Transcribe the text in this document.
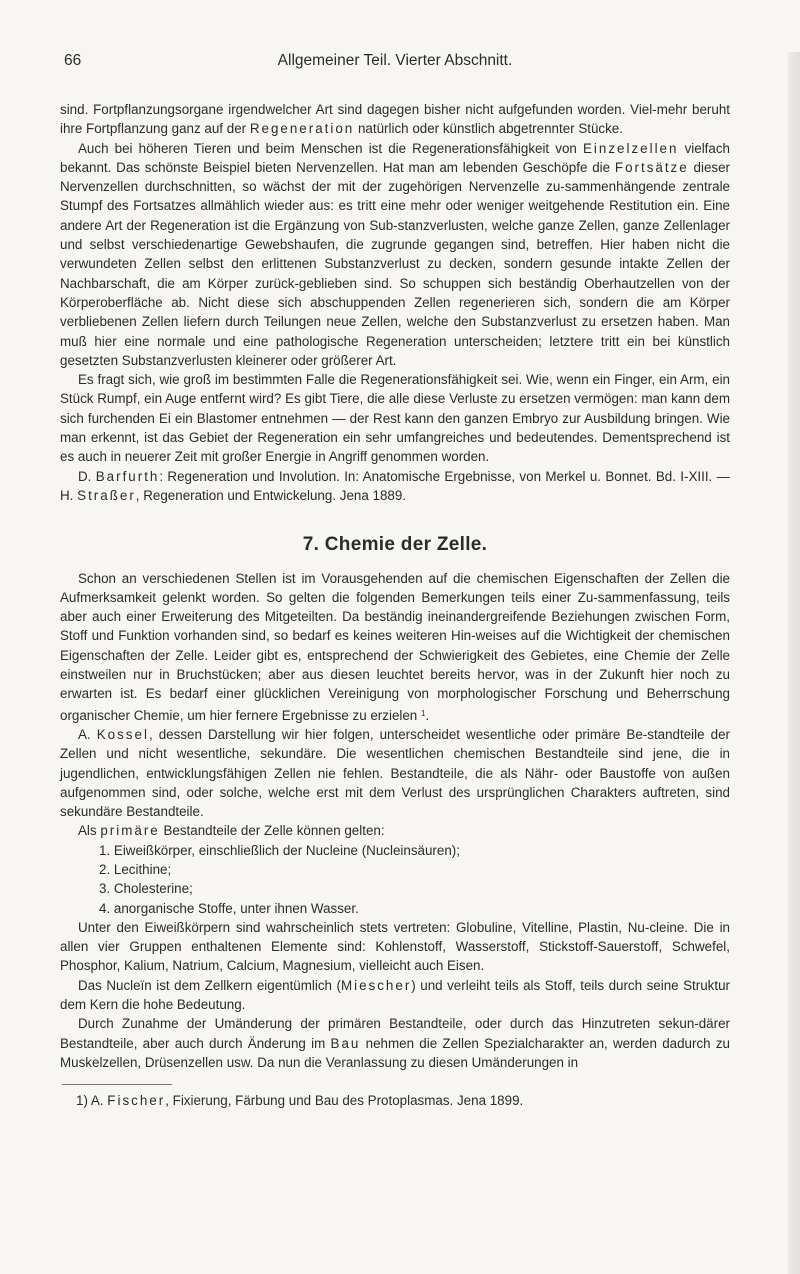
66	Allgemeiner Teil. Vierter Abschnitt.

sind. Fortpflanzungsorgane irgendwelcher Art sind dagegen bisher nicht aufgefunden worden. Viel-mehr beruht ihre Fortpflanzung ganz auf der Regeneration natürlich oder künstlich abgetrennter Stücke.

Auch bei höheren Tieren und beim Menschen ist die Regenerationsfähigkeit von Einzelzellen vielfach bekannt. Das schönste Beispiel bieten Nervenzellen. Hat man am lebenden Geschöpfe die Fortsätze dieser Nervenzellen durchschnitten, so wächst der mit der zugehörigen Nervenzelle zu-sammenhängende zentrale Stumpf des Fortsatzes allmählich wieder aus: es tritt eine mehr oder weniger weitgehende Restitution ein. Eine andere Art der Regeneration ist die Ergänzung von Sub-stanzverlusten, welche ganze Zellen, ganze Zellenlager und selbst verschiedenartige Gewebshaufen, die zugrunde gegangen sind, betreffen. Hier haben nicht die verwundeten Zellen selbst den erlittenen Substanzverlust zu decken, sondern gesunde intakte Zellen der Nachbarschaft, die am Körper zurück-geblieben sind. So schuppen sich beständig Oberhautzellen von der Körperoberfläche ab. Nicht diese sich abschuppenden Zellen regenerieren sich, sondern die am Körper verbliebenen Zellen liefern durch Teilungen neue Zellen, welche den Substanzverlust zu ersetzen haben. Man muß hier eine normale und eine pathologische Regeneration unterscheiden; letztere tritt ein bei künstlich gesetzten Substanzverlusten kleinerer oder größerer Art.

Es fragt sich, wie groß im bestimmten Falle die Regenerationsfähigkeit sei. Wie, wenn ein Finger, ein Arm, ein Stück Rumpf, ein Auge entfernt wird? Es gibt Tiere, die alle diese Verluste zu ersetzen vermögen: man kann dem sich furchenden Ei ein Blastomer entnehmen — der Rest kann den ganzen Embryo zur Ausbildung bringen. Wie man erkennt, ist das Gebiet der Regeneration ein sehr umfangreiches und bedeutendes. Dementsprechend ist es auch in neuerer Zeit mit großer Energie in Angriff genommen worden.

D. Barfurth: Regeneration und Involution. In: Anatomische Ergebnisse, von Merkel u. Bonnet. Bd. I-XIII. — H. Straßer, Regeneration und Entwickelung. Jena 1889.

7. Chemie der Zelle.

Schon an verschiedenen Stellen ist im Vorausgehenden auf die chemischen Eigenschaften der Zellen die Aufmerksamkeit gelenkt worden. So gelten die folgenden Bemerkungen teils einer Zu-sammenfassung, teils aber auch einer Erweiterung des Mitgeteilten. Da beständig ineinandergreifende Beziehungen zwischen Form, Stoff und Funktion vorhanden sind, so bedarf es keines weiteren Hin-weises auf die Wichtigkeit der chemischen Eigenschaften der Zelle. Leider gibt es, entsprechend der Schwierigkeit des Gebietes, eine Chemie der Zelle einstweilen nur in Bruchstücken; aber aus diesen leuchtet bereits hervor, was in der Zukunft hier noch zu erwarten ist. Es bedarf einer glücklichen Vereinigung von morphologischer Forschung und Beherrschung organischer Chemie, um hier fernere Ergebnisse zu erzielen $^1$.

A. Kossel, dessen Darstellung wir hier folgen, unterscheidet wesentliche oder primäre Be-standteile der Zellen und nicht wesentliche, sekundäre. Die wesentlichen chemischen Bestandteile sind jene, die in jugendlichen, entwicklungsfähigen Zellen nie fehlen. Bestandteile, die als Nähr- oder Baustoffe von außen aufgenommen sind, oder solche, welche erst mit dem Verlust des ursprünglichen Charakters auftreten, sind sekundäre Bestandteile.

Als primäre Bestandteile der Zelle können gelten:

1. Eiweißkörper, einschließlich der Nucleine (Nucleinsäuren);
2. Lecithine;
3. Cholesterine;
4. anorganische Stoffe, unter ihnen Wasser.

Unter den Eiweißkörpern sind wahrscheinlich stets vertreten: Globuline, Vitelline, Plastin, Nu-cleine. Die in allen vier Gruppen enthaltenen Elemente sind: Kohlenstoff, Wasserstoff, Stickstoff-Sauerstoff, Schwefel, Phosphor, Kalium, Natrium, Calcium, Magnesium, vielleicht auch Eisen.

Das Nucleïn ist dem Zellkern eigentümlich (Miescher) und verleiht teils als Stoff, teils durch seine Struktur dem Kern die hohe Bedeutung.

Durch Zunahme der Umänderung der primären Bestandteile, oder durch das Hinzutreten sekun-därer Bestandteile, aber auch durch Änderung im Bau nehmen die Zellen Spezialcharakter an, werden dadurch zu Muskelzellen, Drüsenzellen usw. Da nun die Veranlassung zu diesen Umänderungen in

1) A. Fischer, Fixierung, Färbung und Bau des Protoplasmas. Jena 1899.
